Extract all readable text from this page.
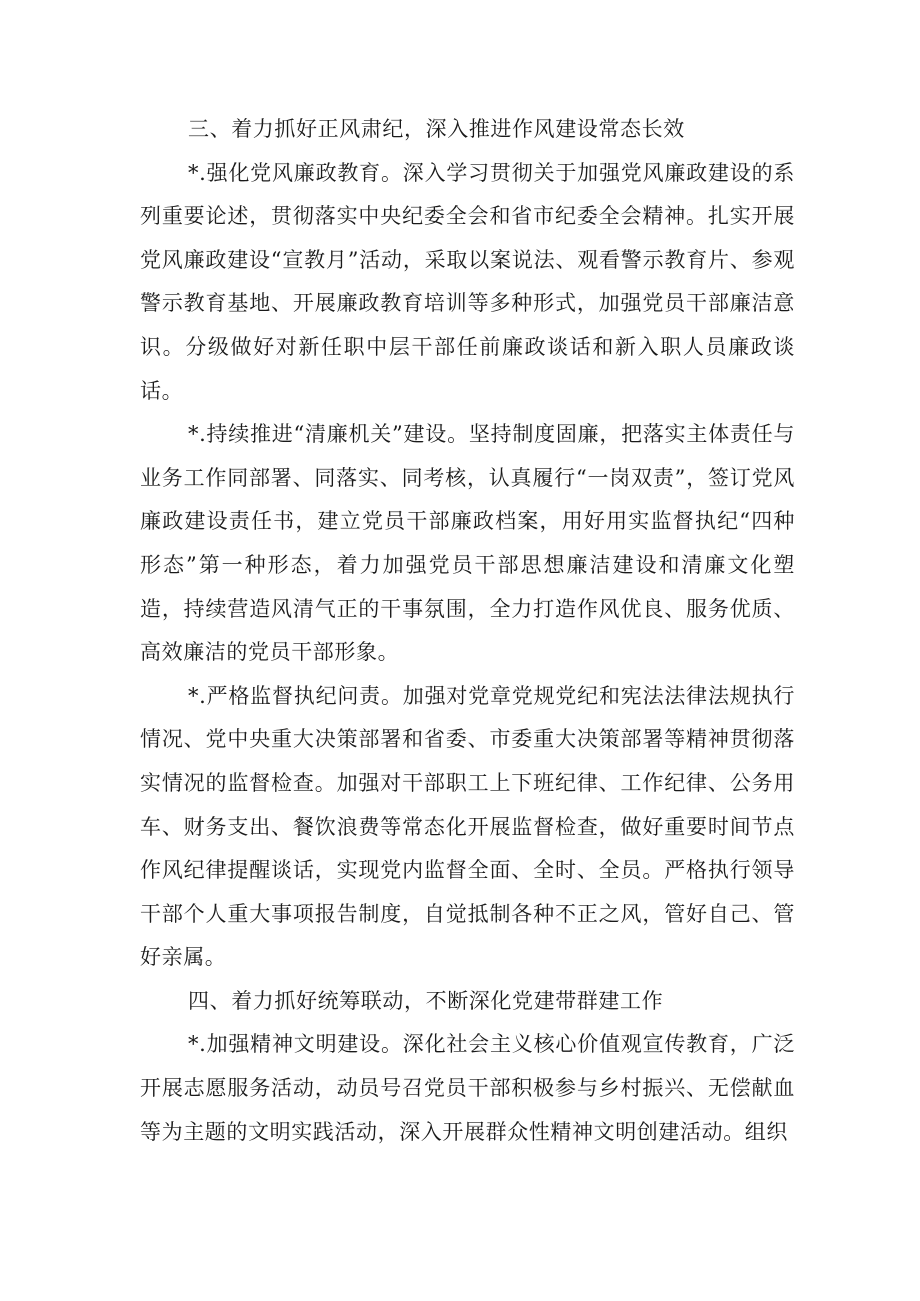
三、着力抓好正风肃纪，深入推进作风建设常态长效

*.强化党风廉政教育。深入学习贯彻关于加强党风廉政建设的系列重要论述，贯彻落实中央纪委全会和省市纪委全会精神。扎实开展党风廉政建设“宣教月”活动，采取以案说法、观看警示教育片、参观警示教育基地、开展廉政教育培训等多种形式，加强党员干部廉洁意识。分级做好对新任职中层干部任前廉政谈话和新入职人员廉政谈话。

*.持续推进“清廉机关”建设。坚持制度固廉，把落实主体责任与业务工作同部署、同落实、同考核，认真履行“一岗双责”，签订党风廉政建设责任书，建立党员干部廉政档案，用好用实监督执纪“四种形态”第一种形态，着力加强党员干部思想廉洁建设和清廉文化塑造，持续营造风清气正的干事氛围，全力打造作风优良、服务优质、高效廉洁的党员干部形象。

*.严格监督执纪问责。加强对党章党规党纪和宪法法律法规执行情况、党中央重大决策部署和省委、市委重大决策部署等精神贯彻落实情况的监督检查。加强对干部职工上下班纪律、工作纪律、公务用车、财务支出、餐饮浪费等常态化开展监督检查，做好重要时间节点作风纪律提醒谈话，实现党内监督全面、全时、全员。严格执行领导干部个人重大事项报告制度，自觉抵制各种不正之风，管好自己、管好亲属。

四、着力抓好统筹联动，不断深化党建带群建工作

*.加强精神文明建设。深化社会主义核心价值观宣传教育，广泛开展志愿服务活动，动员号召党员干部积极参与乡村振兴、无偿献血等为主题的文明实践活动，深入开展群众性精神文明创建活动。组织
